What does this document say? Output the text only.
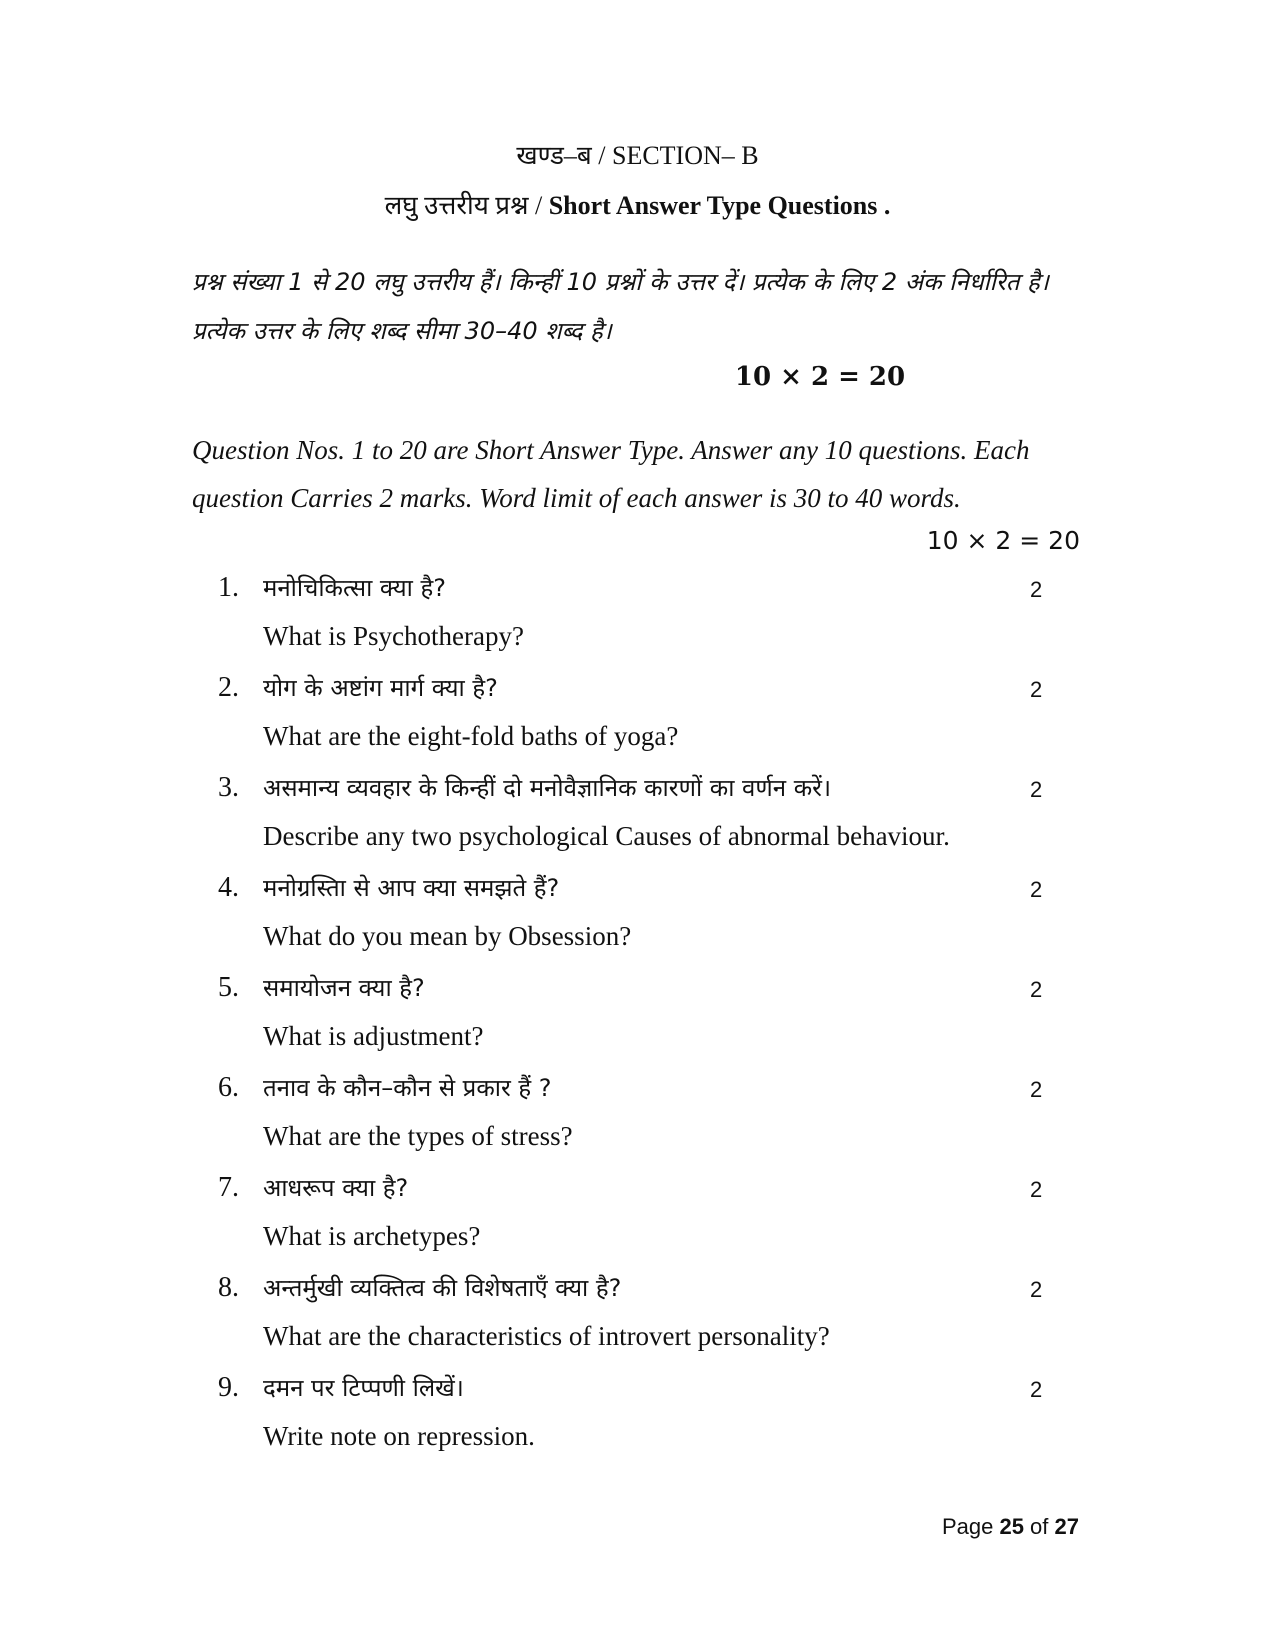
खण्ड–ब / SECTION– B
लघु उत्तरीय प्रश्न / Short Answer Type Questions .

प्रश्न संख्या 1 से 20 लघु उत्तरीय हैं। किन्हीं 10 प्रश्नों के उत्तर दें। प्रत्येक के लिए 2 अंक निर्धारित है। प्रत्येक उत्तर के लिए शब्द सीमा 30–40 शब्द है।

10 × 2 = 20

Question Nos. 1 to 20 are Short Answer Type. Answer any 10 questions. Each question Carries 2 marks. Word limit of each answer is 30 to 40 words.

10 × 2 = 20
1. मनोचिकित्सा क्या है?	2
What is Psychotherapy?
2. योग के अष्टांग मार्ग क्या है?	2
What are the eight-fold baths of yoga?
3. असमान्य व्यवहार के किन्हीं दो मनोवैज्ञानिक कारणों का वर्णन करें।	2
Describe any two psychological Causes of abnormal behaviour.
4. मनोग्रस्तिा से आप क्या समझते हैं?	2
What do you mean by Obsession?
5. समायोजन क्या है?	2
What is adjustment?
6. तनाव के कौन–कौन से प्रकार हैं ?	2
What are the types of stress?
7. आधरूप क्या है?	2
What is archetypes?
8. अन्तर्मुखी व्यक्तित्व की विशेषताएँ क्या है?	2
What are the characteristics of introvert personality?
9. दमन पर टिप्पणी लिखें।	2
Write note on repression.
Page 25 of 27
